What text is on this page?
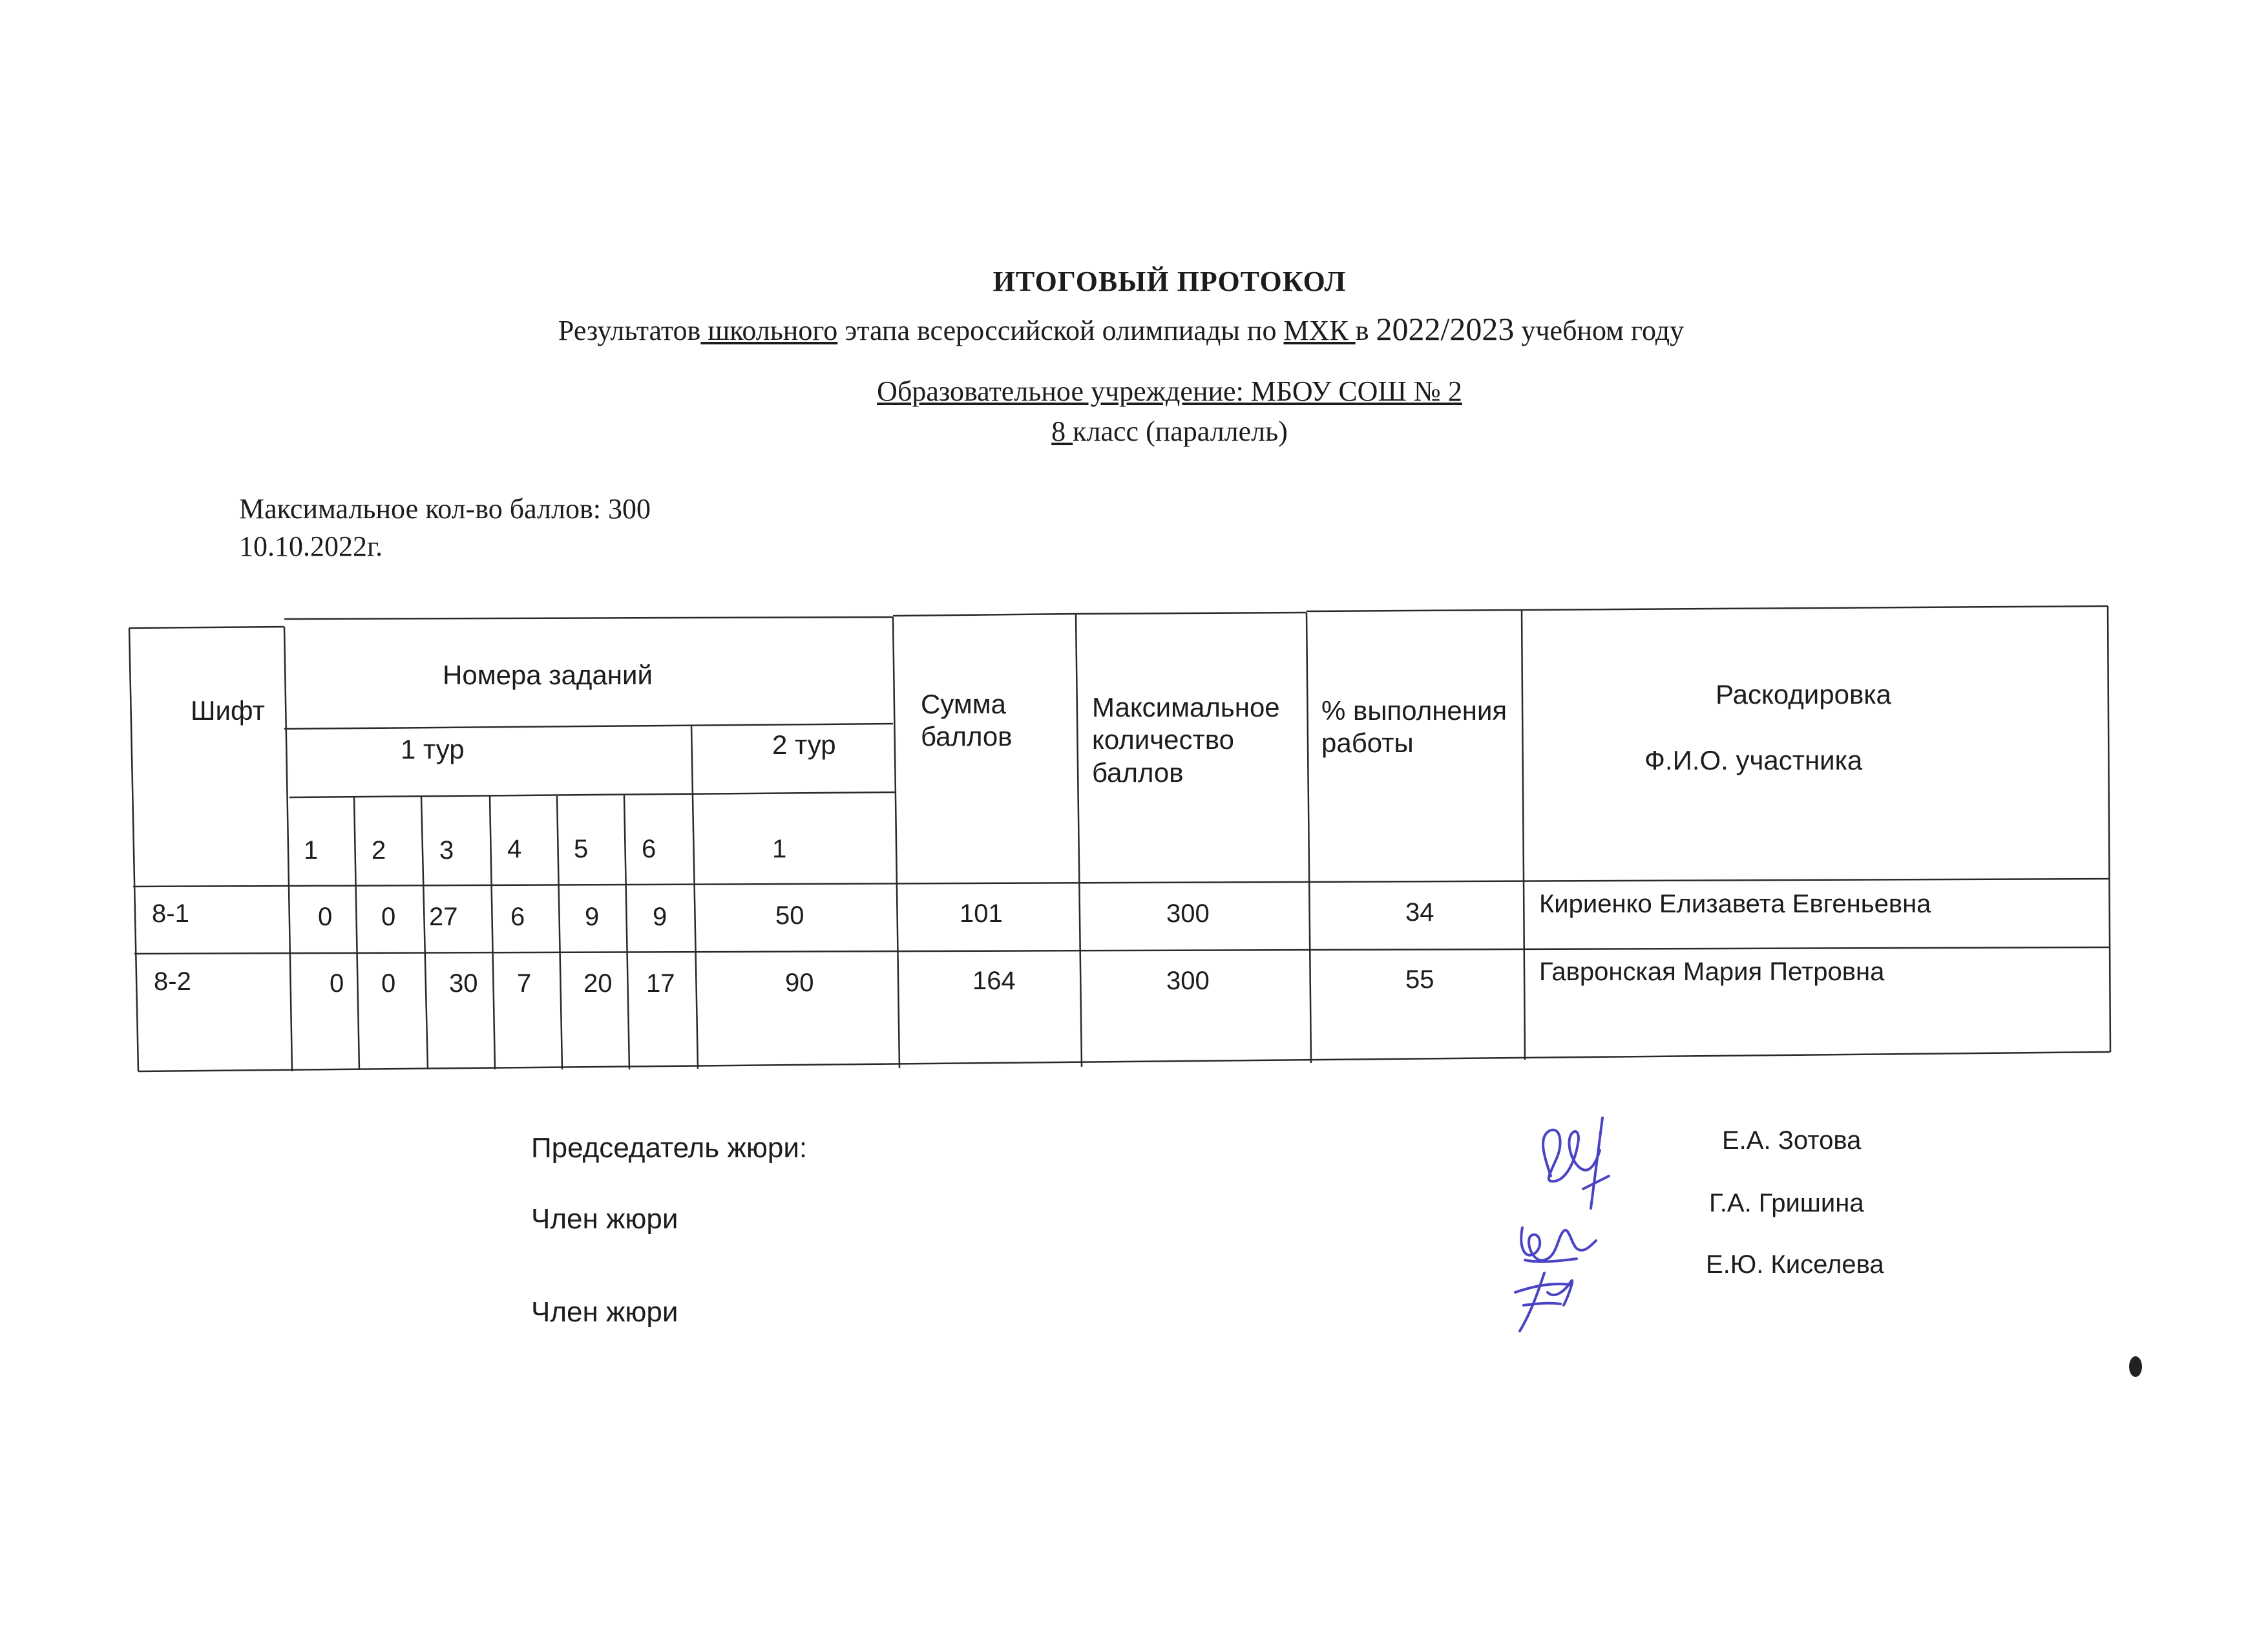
ИТОГОВЫЙ ПРОТОКОЛ
Результатов школьного этапа всероссийской олимпиады по МХК в 2022/2023 учебном году
Образовательное учреждение: МБОУ СОШ № 2
8 класс (параллель)
Максимальное кол-во баллов: 300
10.10.2022г.
Шифт
Номера заданий
1 тур	2 тур
1 2 3 4 5 6	1
Сумма баллов
Максимальное количество баллов
% выполнения работы
Раскодировка
Ф.И.О. участника
8-1	0 0 27 6 9 9	50	101	300	34	Кириенко Елизавета Евгеньевна
8-2	0 0 30 7 20 17	90	164	300	55	Гавронская Мария Петровна
Председатель жюри:
Член жюри
Член жюри
Е.А. Зотова
Г.А. Гришина
Е.Ю. Киселева
